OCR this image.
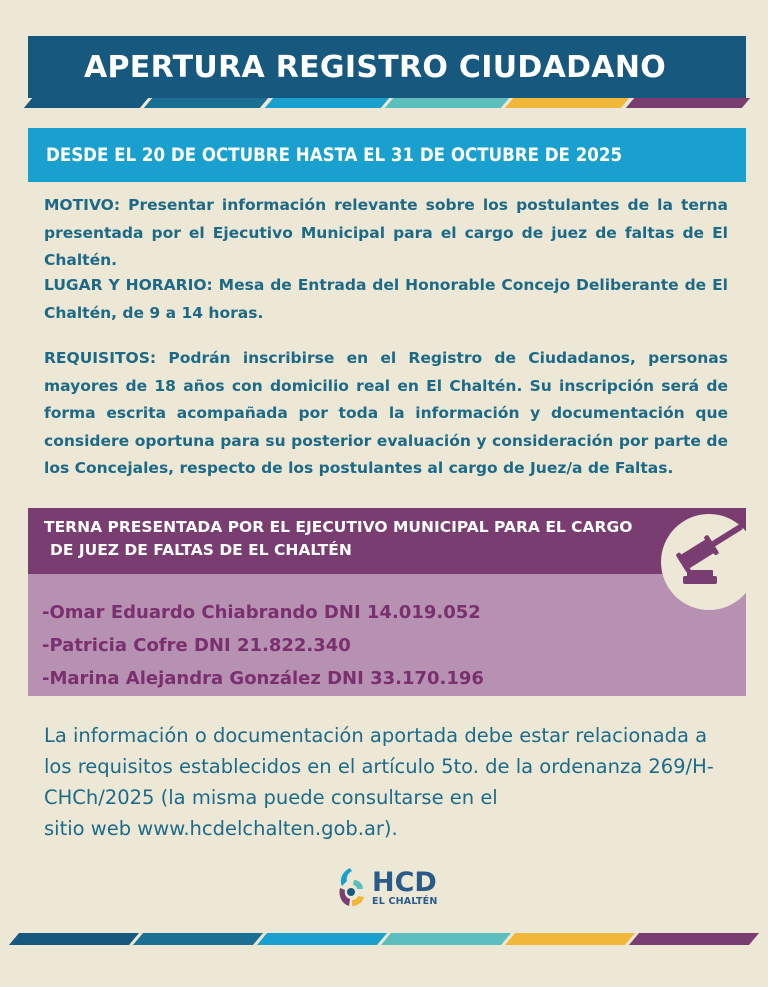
APERTURA REGISTRO CIUDADANO
DESDE EL 20 DE OCTUBRE HASTA EL 31 DE OCTUBRE DE 2025

MOTIVO: Presentar información relevante sobre los postulantes de la terna presentada por el Ejecutivo Municipal para el cargo de juez de faltas de El Chaltén.

LUGAR Y HORARIO: Mesa de Entrada del Honorable Concejo Deliberante de El Chaltén, de 9 a 14 horas.

REQUISITOS: Podrán inscribirse en el Registro de Ciudadanos, personas mayores de 18 años con domicilio real en El Chaltén. Su inscripción será de forma escrita acompañada por toda la información y documentación que considere oportuna para su posterior evaluación y consideración por parte de los Concejales, respecto de los postulantes al cargo de Juez/a de Faltas.

TERNA PRESENTADA POR EL EJECUTIVO MUNICIPAL PARA EL CARGO
DE JUEZ DE FALTAS DE EL CHALTÉN
-Omar Eduardo Chiabrando DNI 14.019.052
-Patricia Cofre DNI 21.822.340
-Marina Alejandra González DNI 33.170.196
La información o documentación aportada debe estar relacionada a
los requisitos establecidos en el artículo 5to. de la ordenanza 269/H-
CHCh/2025 (la misma puede consultarse en el
sitio web www.hcdelchalten.gob.ar).
HCD
EL CHALTÉN
